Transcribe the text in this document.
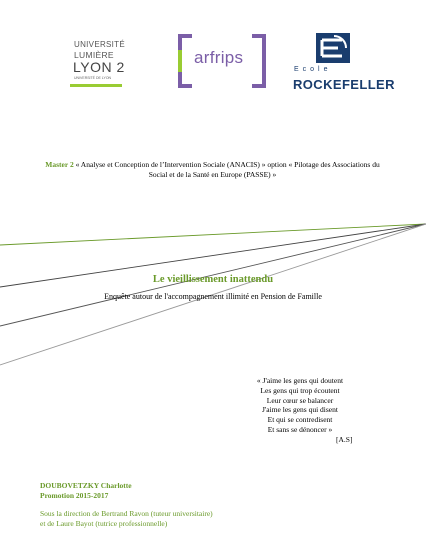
UNIVERSITÉ
LUMIÈRE
LYON 2
UNIVERSITÉ DE LYON
arfrips
Ecole
ROCKEFELLER
Master 2 « Analyse et Conception de l’Intervention Sociale (ANACIS) » option « Pilotage des Associations du Social et de la Santé en Europe (PASSE) »
Le vieillissement inattendu
Enquête autour de l'accompagnement illimité en Pension de Famille
« J'aime les gens qui doutent
Les gens qui trop écoutent
Leur cœur se balancer
J'aime les gens qui disent
Et qui se contredisent
Et sans se dénoncer »
[A.S]
DOUBOVETZKY Charlotte
Promotion 2015-2017
Sous la direction de Bertrand Ravon (tuteur universitaire)
et de Laure Bayot (tutrice professionnelle)
